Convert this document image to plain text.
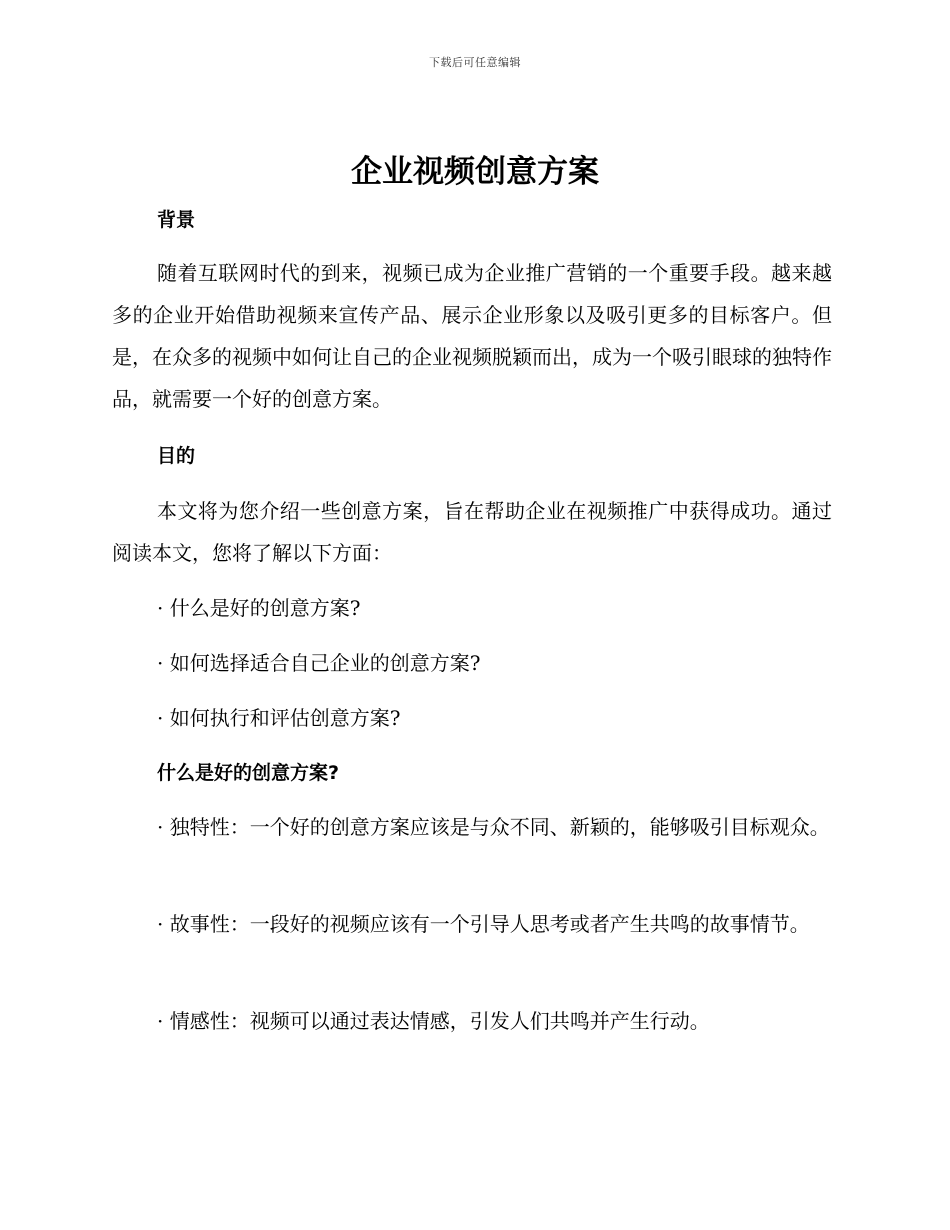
下载后可任意编辑
企业视频创意方案
背景

随着互联网时代的到来，视频已成为企业推广营销的一个重要手段。越来越多的企业开始借助视频来宣传产品、展示企业形象以及吸引更多的目标客户。但是，在众多的视频中如何让自己的企业视频脱颖而出，成为一个吸引眼球的独特作品，就需要一个好的创意方案。

目的

本文将为您介绍一些创意方案，旨在帮助企业在视频推广中获得成功。通过阅读本文，您将了解以下方面：

· 什么是好的创意方案?

· 如何选择适合自己企业的创意方案?

· 如何执行和评估创意方案?

什么是好的创意方案?

· 独特性：一个好的创意方案应该是与众不同、新颖的，能够吸引目标观众。

· 故事性：一段好的视频应该有一个引导人思考或者产生共鸣的故事情节。

· 情感性：视频可以通过表达情感，引发人们共鸣并产生行动。
